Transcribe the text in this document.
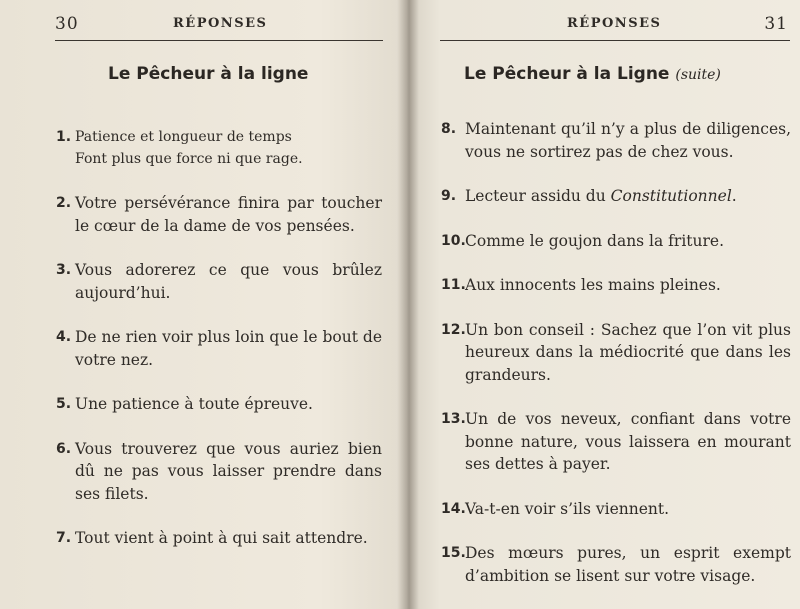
30	RÉPONSES
Le Pêcheur à la ligne
1. Patience et longueur de temps
Font plus que force ni que rage.
2. Votre persévérance finira par toucher le cœur de la dame de vos pensées.
3. Vous adorerez ce que vous brûlez aujourd’hui.
4. De ne rien voir plus loin que le bout de votre nez.
5. Une patience à toute épreuve.
6. Vous trouverez que vous auriez bien dû ne pas vous laisser prendre dans ses filets.
7. Tout vient à point à qui sait attendre.
RÉPONSES	31
Le Pêcheur à la Ligne (suite)
8. Maintenant qu’il n’y a plus de diligences, vous ne sortirez pas de chez vous.
9. Lecteur assidu du Constitutionnel.
10. Comme le goujon dans la friture.
11. Aux innocents les mains pleines.
12. Un bon conseil : Sachez que l’on vit plus heureux dans la médiocrité que dans les grandeurs.
13. Un de vos neveux, confiant dans votre bonne nature, vous laissera en mourant ses dettes à payer.
14. Va-t-en voir s’ils viennent.
15. Des mœurs pures, un esprit exempt d’ambition se lisent sur votre visage.
